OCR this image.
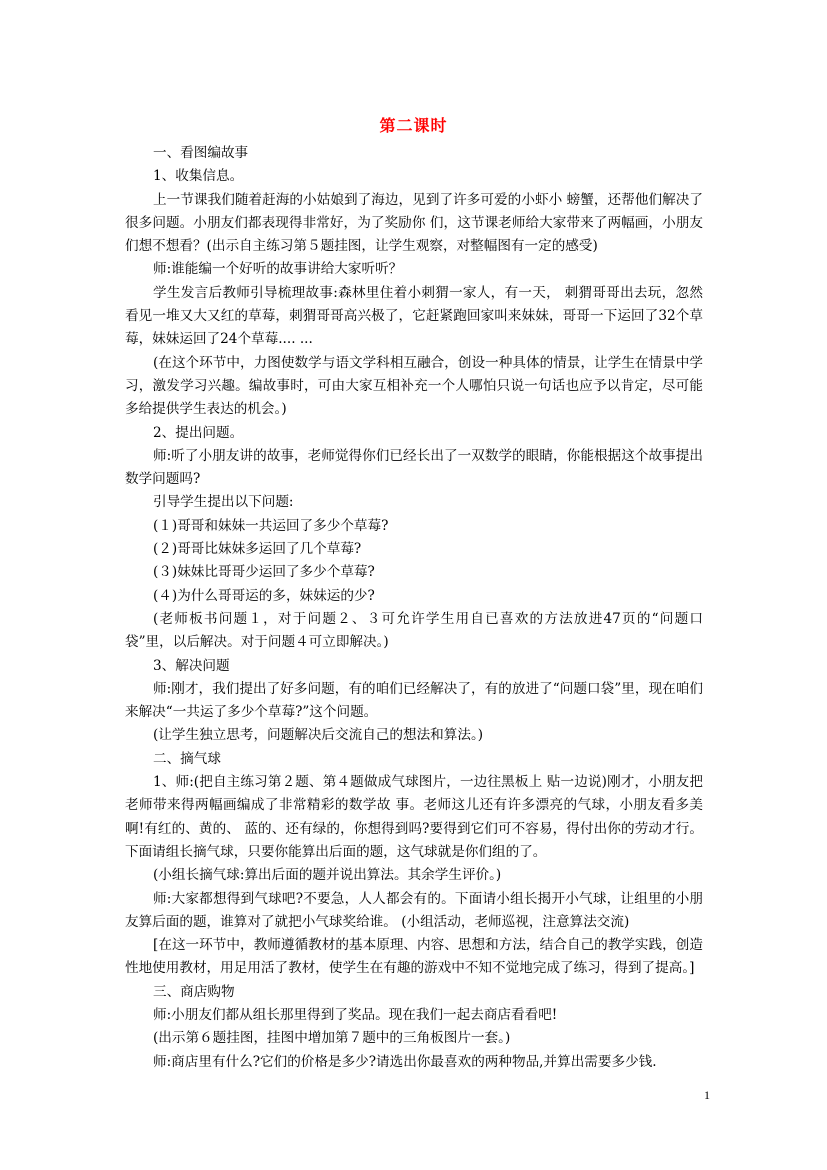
第二课时

一、看图编故事

1、收集信息。

上一节课我们随着赶海的小姑娘到了海边，见到了许多可爱的小虾小 螃蟹，还帮他们解决了很多问题。小朋友们都表现得非常好，为了奖励你 们，这节课老师给大家带来了两幅画，小朋友们想不想看？(出示自主练习第５题挂图，让学生观察，对整幅图有一定的感受)

师:谁能编一个好听的故事讲给大家听听？

学生发言后教师引导梳理故事:森林里住着小刺猬一家人，有一天， 刺猬哥哥出去玩，忽然看见一堆又大又红的草莓，刺猬哥哥高兴极了，它赶紧跑回家叫来妹妹，哥哥一下运回了32个草莓，妹妹运回了24个草莓.... ...

(在这个环节中，力图使数学与语文学科相互融合，创设一种具体的情景，让学生在情景中学习，激发学习兴趣。编故事时，可由大家互相补充一个人哪怕只说一句话也应予以肯定，尽可能多给提供学生表达的机会。)

2、提出问题。

师:听了小朋友讲的故事，老师觉得你们已经长出了一双数学的眼睛，你能根据这个故事提出数学问题吗?

引导学生提出以下问题:

(１)哥哥和妹妹一共运回了多少个草莓?

(２)哥哥比妹妹多运回了几个草莓?

(３)妹妹比哥哥少运回了多少个草莓?

(４)为什么哥哥运的多，妹妹运的少?

(老师板书问题１，对于问题２、３可允许学生用自已喜欢的方法放进47页的“问题口袋”里，以后解决。对于问题４可立即解决。)

3、解决问题

师:刚才，我们提出了好多问题，有的咱们已经解决了，有的放进了“问题口袋”里，现在咱们来解决“一共运了多少个草莓?”这个问题。

(让学生独立思考，问题解决后交流自己的想法和算法。)

二、摘气球

1、师:(把自主练习第２题、第４题做成气球图片，一边往黑板上 贴一边说)刚才，小朋友把老师带来得两幅画编成了非常精彩的数学故 事。老师这儿还有许多漂亮的气球，小朋友看多美啊!有红的、黄的、 蓝的、还有绿的，你想得到吗?要得到它们可不容易，得付出你的劳动才行。下面请组长摘气球，只要你能算出后面的题，这气球就是你们组的了。

(小组长摘气球:算出后面的题并说出算法。其余学生评价。)

师:大家都想得到气球吧?不要急，人人都会有的。下面请小组长揭开小气球，让组里的小朋友算后面的题，谁算对了就把小气球奖给谁。 (小组活动，老师巡视，注意算法交流)

[在这一环节中，教师遵循教材的基本原理、内容、思想和方法，结合自己的教学实践，创造性地使用教材，用足用活了教材，使学生在有趣的游戏中不知不觉地完成了练习，得到了提高。]

三、商店购物

师:小朋友们都从组长那里得到了奖品。现在我们一起去商店看看吧!

(出示第６题挂图，挂图中增加第７题中的三角板图片一套。)

师:商店里有什么?它们的价格是多少?请选出你最喜欢的两种物品,并算出需要多少钱.

1
